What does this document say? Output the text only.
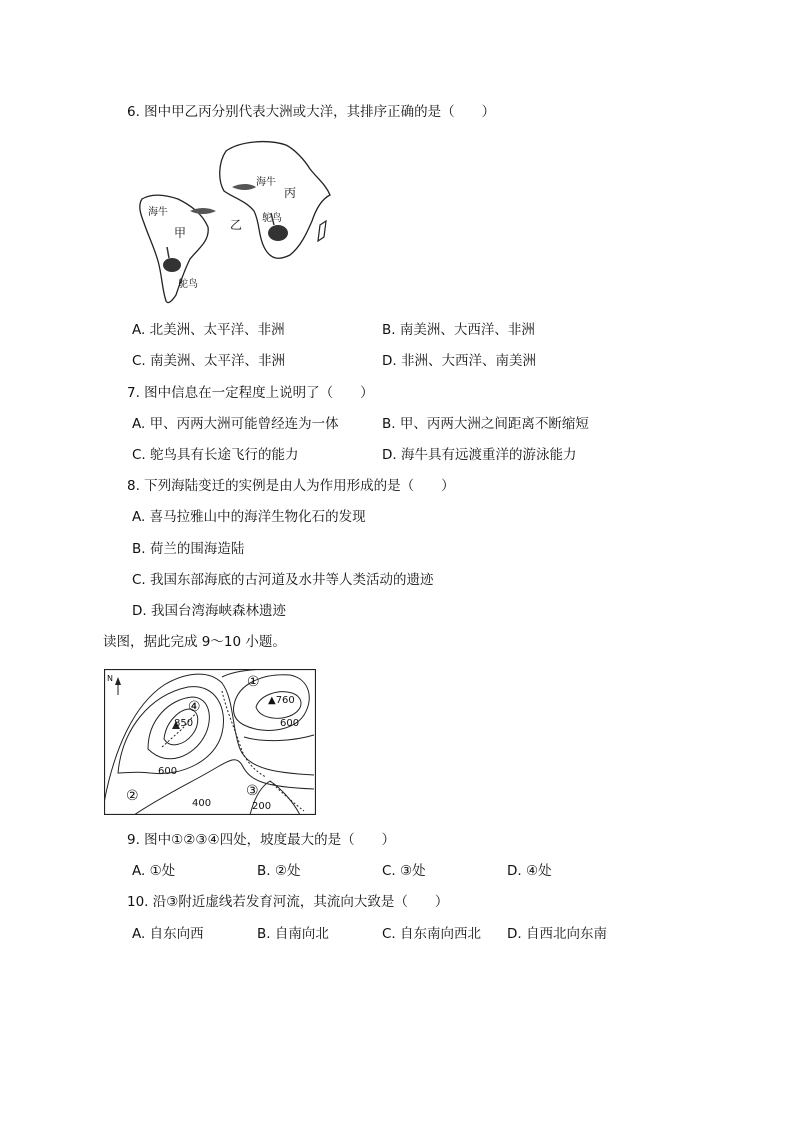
6. 图中甲乙丙分别代表大洲或大洋，其排序正确的是（　　）
海牛
丙
鸵鸟
乙
海牛
甲
鸵鸟
A. 北美洲、太平洋、非洲	B. 南美洲、大西洋、非洲
C. 南美洲、太平洋、非洲	D. 非洲、大西洋、南美洲
7. 图中信息在一定程度上说明了（　　）
A. 甲、丙两大洲可能曾经连为一体	B. 甲、丙两大洲之间距离不断缩短
C. 鸵鸟具有长途飞行的能力	D. 海牛具有远渡重洋的游泳能力
8. 下列海陆变迁的实例是由人为作用形成的是（　　）
A. 喜马拉雅山中的海洋生物化石的发现
B. 荷兰的围海造陆
C. 我国东部海底的古河道及水井等人类活动的遗迹
D. 我国台湾海峡森林遗迹
读图，据此完成 9～10 小题。
N	①
▲760
600
④
850
600
②	400
③
200
9. 图中①②③④四处，坡度最大的是（　　）
A. ①处	B. ②处	C. ③处	D. ④处
10. 沿③附近虚线若发育河流，其流向大致是（　　）
A. 自东向西	B. 自南向北	C. 自东南向西北 D. 自西北向东南
